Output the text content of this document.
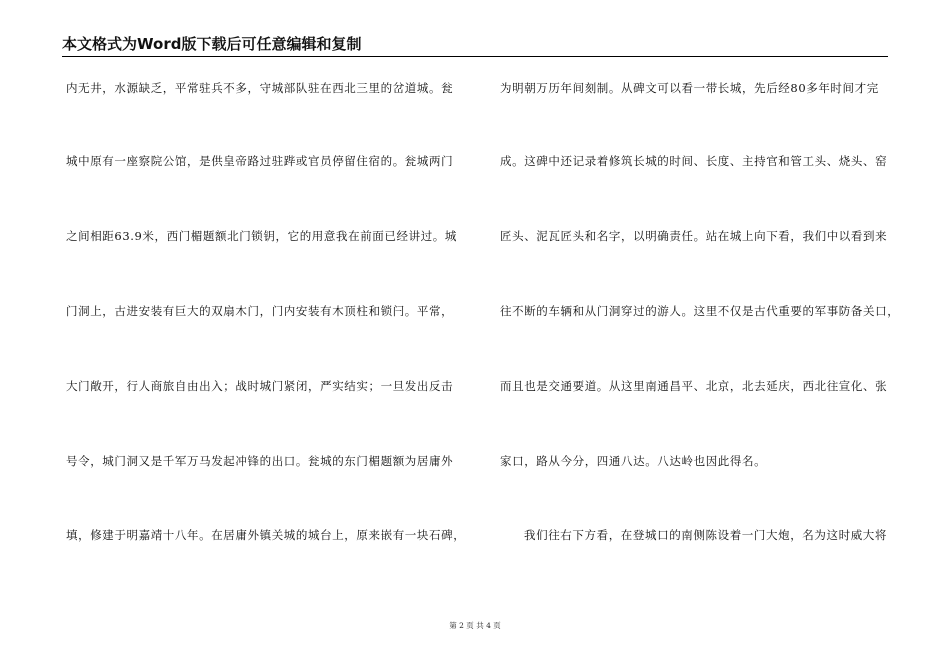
本文格式为Word版下载后可任意编辑和复制
内无井，水源缺乏，平常驻兵不多，守城部队驻在西北三里的岔道城。瓮
城中原有一座察院公馆，是供皇帝路过驻跸或官员停留住宿的。瓮城两门
之间相距63.9米，西门楣题额北门锁钥，它的用意我在前面已经讲过。城
门洞上，古进安装有巨大的双扇木门，门内安装有木顶柱和锁闩。平常，
大门敞开，行人商旅自由出入；战时城门紧闭，严实结实；一旦发出反击
号令，城门洞又是千军万马发起冲锋的出口。瓮城的东门楣题额为居庸外
填，修建于明嘉靖十八年。在居庸外镇关城的城台上，原来嵌有一块石碑，
为明朝万历年间刻制。从碑文可以看一带长城，先后经80多年时间才完
成。这碑中还记录着修筑长城的时间、长度、主持官和管工头、烧头、窑
匠头、泥瓦匠头和名字，以明确责任。站在城上向下看，我们中以看到来
往不断的车辆和从门洞穿过的游人。这里不仅是古代重要的军事防备关口，
而且也是交通要道。从这里南通昌平、北京，北去延庆，西北往宣化、张
家口，路从今分，四通八达。八达岭也因此得名。
我们往右下方看，在登城口的南侧陈设着一门大炮，名为这时威大将
第 2 页 共 4 页
